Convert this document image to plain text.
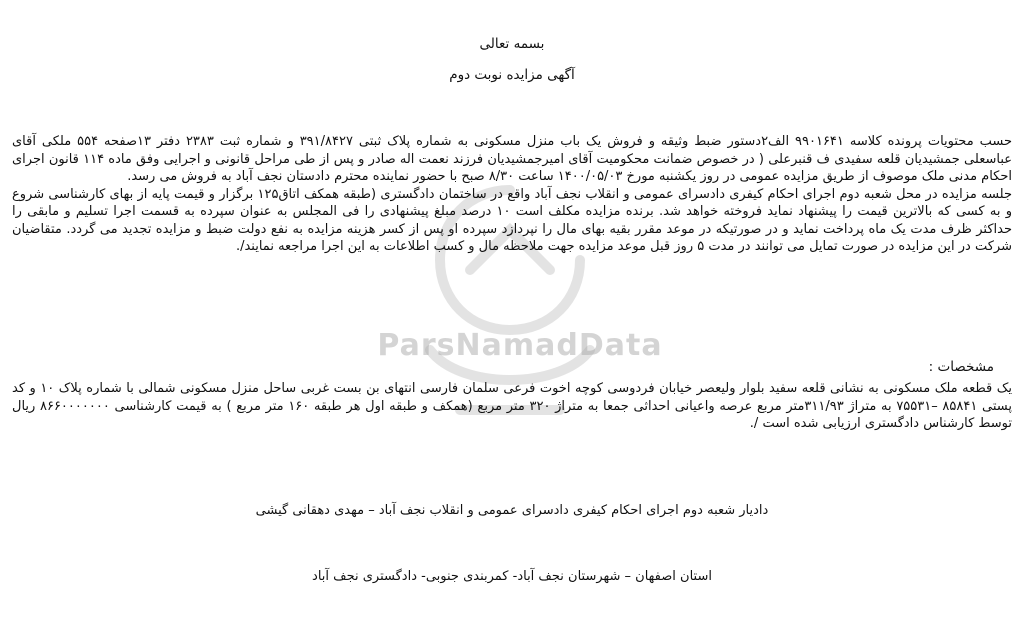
بسمه تعالی
آگهی مزایده نوبت دوم

حسب محتویات پرونده کلاسه ۹۹۰۱۶۴۱ الف۲دستور ضبط وثیقه و فروش یک باب منزل مسکونی به شماره پلاک ثبتی ۳۹۱/۸۴۲۷ و شماره ثبت ۲۳۸۳ دفتر ۱۳صفحه ۵۵۴ ملکی آقای عباسعلی جمشیدیان قلعه سفیدی ف قنبرعلی ( در خصوص ضمانت محکومیت آقای امیرجمشیدیان فرزند نعمت اله صادر و پس از طی مراحل قانونی و اجرایی وفق ماده ۱۱۴ قانون اجرای احکام مدنی ملک موصوف از طریق مزایده عمومی در روز یکشنبه مورخ ۱۴۰۰/۰۵/۰۳ ساعت ۸/۳۰ صبح با حضور نماینده محترم دادستان نجف آباد به فروش می رسد.

جلسه مزایده در محل شعبه دوم اجرای احکام کیفری دادسرای عمومی و انقلاب نجف آباد واقع در ساختمان دادگستری (طبقه همکف اتاق۱۲۵ برگزار و قیمت پایه از بهای کارشناسی شروع و به کسی که بالاترین قیمت را پیشنهاد نماید فروخته خواهد شد. برنده مزایده مکلف است ۱۰ درصد مبلغ پیشنهادی را فی المجلس به عنوان سپرده به قسمت اجرا تسلیم و مابقی را حداکثر ظرف مدت یک ماه پرداخت نماید و در صورتیکه در موعد مقرر بقیه بهای مال را نپردازد سپرده او پس از کسر هزینه مزایده به نفع دولت ضبط و مزایده تجدید می گردد. متقاضیان شرکت در این مزایده در صورت تمایل می توانند در مدت ۵ روز قبل موعد مزایده جهت ملاحظه مال و کسب اطلاعات به این اجرا مراجعه نمایند/.

مشخصات :

یک قطعه ملک مسکونی به نشانی قلعه سفید بلوار ولیعصر خیابان فردوسی کوچه اخوت فرعی سلمان فارسی انتهای بن بست غربی ساحل منزل مسکونی شمالی با شماره پلاک ۱۰ و کد پستی ۸۵۸۴۱ –۷۵۵۳۱ به متراژ ۳۱۱/۹۳متر مربع عرصه واعیانی احداثی جمعا به متراژ ۳۲۰ متر مربع (همکف و طبقه اول هر طبقه ۱۶۰ متر مربع ) به قیمت کارشناسی ۸۶۶۰۰۰۰۰۰۰ ریال توسط کارشناس دادگستری ارزیابی شده است /.

ParsNamadData
دادیار شعبه دوم اجرای احکام کیفری دادسرای عمومی و انقلاب نجف آباد – مهدی دهقانی گیشی
استان اصفهان – شهرستان نجف آباد- کمربندی جنوبی- دادگستری نجف آباد
